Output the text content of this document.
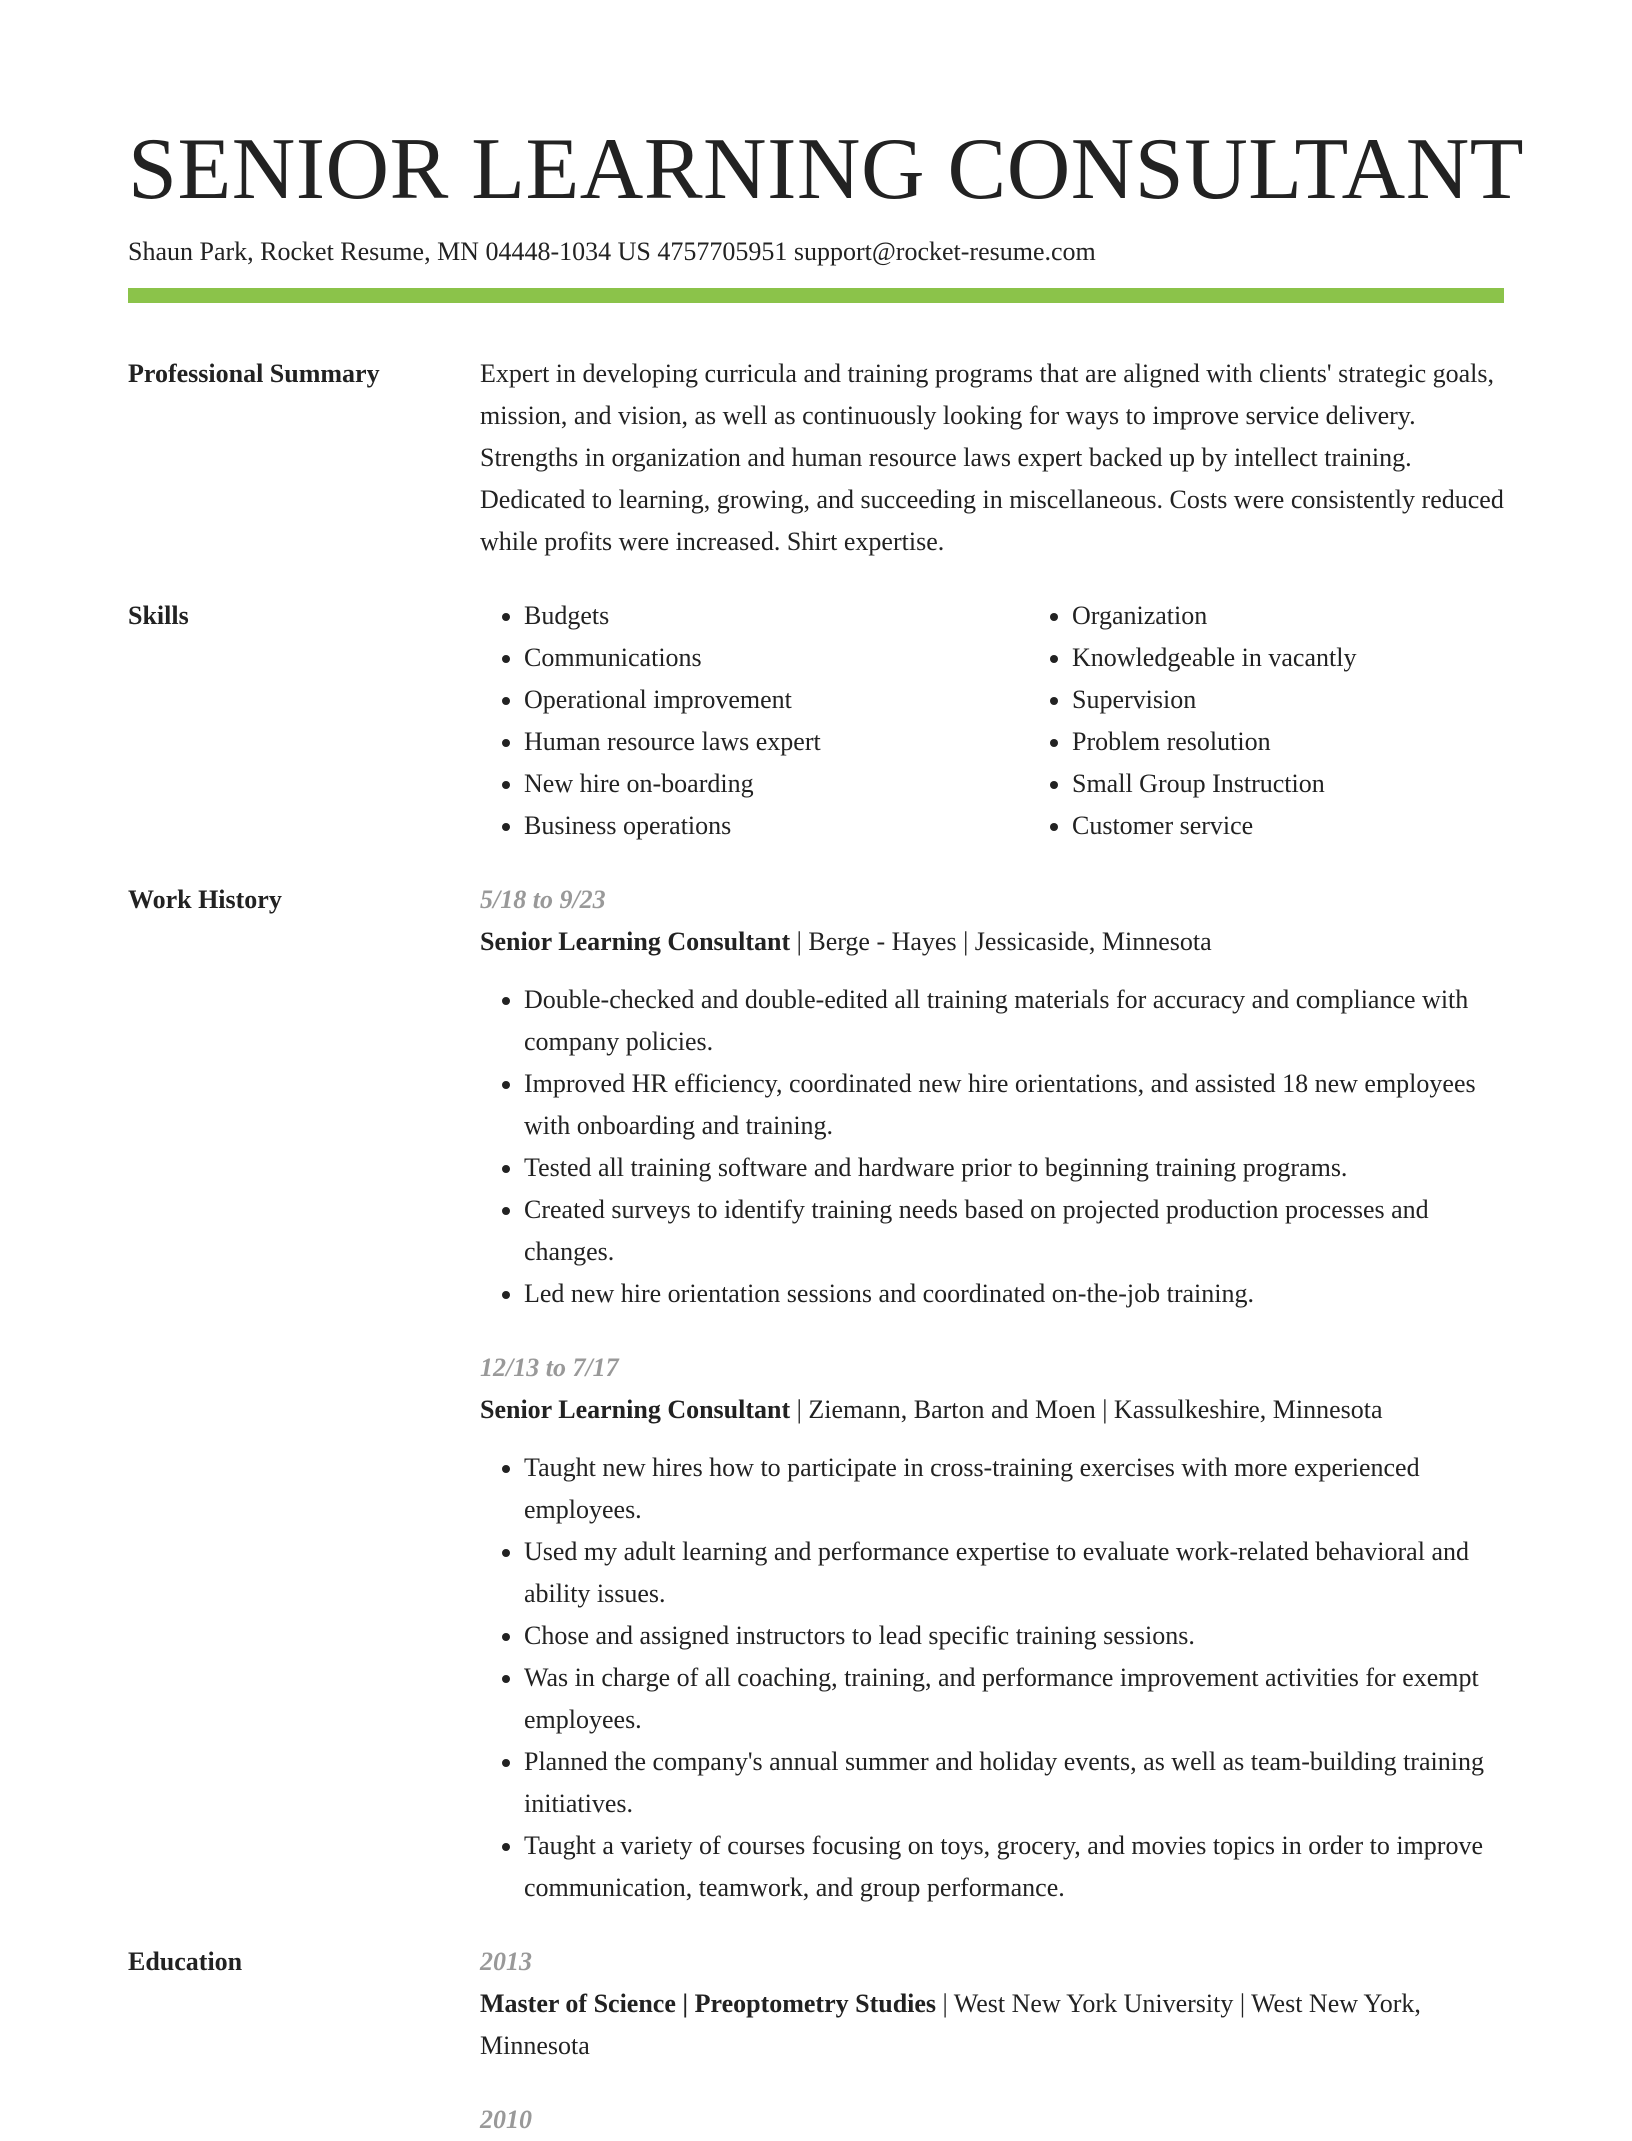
SENIOR LEARNING CONSULTANT
Shaun Park, Rocket Resume, MN 04448-1034 US 4757705951 support@rocket-resume.com
Professional Summary	Expert in developing curricula and training programs that are aligned with clients' strategic goals, mission, and vision, as well as continuously looking for ways to improve service delivery. Strengths in organization and human resource laws expert backed up by intellect training. Dedicated to learning, growing, and succeeding in miscellaneous. Costs were consistently reduced while profits were increased. Shirt expertise.
Skills
•	Budgets
• Communications
• Operational improvement
• Human resource laws expert
• New hire on-boarding
• Business operations
• Organization
• Knowledgeable in vacantly
• Supervision
• Problem resolution
• Small Group Instruction
• Customer service
Work History	5/18 to 9/23
Senior Learning Consultant | Berge - Hayes | Jessicaside, Minnesota
• Double-checked and double-edited all training materials for accuracy and compliance with company policies.
• Improved HR efficiency, coordinated new hire orientations, and assisted 18 new employees with onboarding and training.
• Tested all training software and hardware prior to beginning training programs.
• Created surveys to identify training needs based on projected production processes and changes.
• Led new hire orientation sessions and coordinated on-the-job training.
12/13 to 7/17
Senior Learning Consultant | Ziemann, Barton and Moen | Kassulkeshire, Minnesota
• Taught new hires how to participate in cross-training exercises with more experienced employees.
• Used my adult learning and performance expertise to evaluate work-related behavioral and ability issues.
• Chose and assigned instructors to lead specific training sessions.
• Was in charge of all coaching, training, and performance improvement activities for exempt employees.
• Planned the company's annual summer and holiday events, as well as team-building training initiatives.
• Taught a variety of courses focusing on toys, grocery, and movies topics in order to improve communication, teamwork, and group performance.
Education	2013
Master of Science | Preoptometry Studies | West New York University | West New York, Minnesota
2010
